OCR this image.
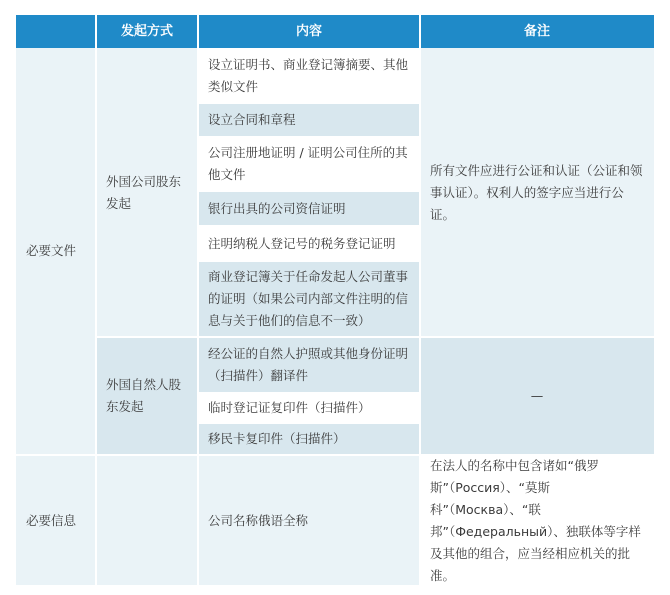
发起方式	内容	备注
必要文件
必要信息
外国公司股东发起
外国自然人股东发起
设立证明书、商业登记簿摘要、其他类似文件
设立合同和章程
公司注册地证明 / 证明公司住所的其他文件
银行出具的公司资信证明
注明纳税人登记号的税务登记证明
商业登记簿关于任命发起人公司董事的证明（如果公司内部文件注明的信息与关于他们的信息不一致）
经公证的自然人护照或其他身份证明（扫描件）翻译件
临时登记证复印件（扫描件）
移民卡复印件（扫描件）
公司名称俄语全称
所有文件应进行公证和认证（公证和领事认证）。权利人的签字应当进行公证。
—
在法人的名称中包含诸如“俄罗斯”（Россия）、“莫斯科”（Москва）、“联邦”（Федеральный）、独联体等字样及其他的组合，应当经相应机关的批准。
